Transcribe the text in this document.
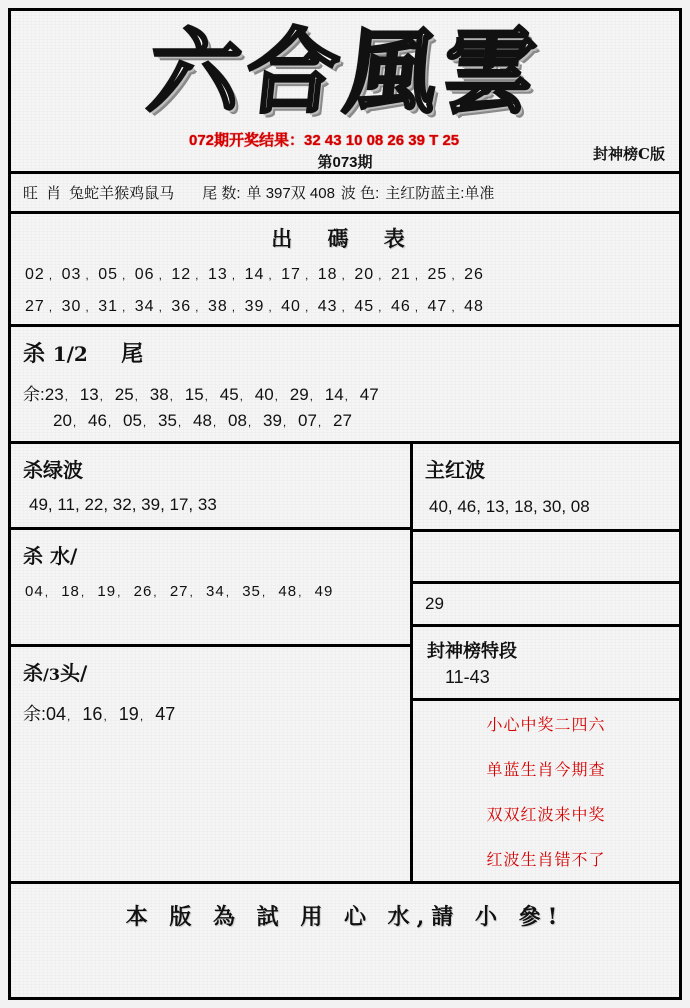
六合風雲
072期开奖结果：32 43 10 08 26 39 T 25
第073期	封神榜C版
旺 肖 兔蛇羊猴鸡鼠马 尾 数: 单 397双 408 波 色: 主红防蓝主:单准
出 碼 表
02 , 03 , 05 , 06 , 12 , 13 , 14 , 17 , 18 , 20 , 21 , 25 , 26
27 , 30 , 31 , 34 , 36 , 38 , 39 , 40 , 43 , 45 , 46 , 47 , 48
杀 1/2 尾
余:23, 13, 25, 38, 15, 45, 40, 29, 14, 47
20, 46, 05, 35, 48, 08, 39, 07, 27
杀绿波
49, 11, 22, 32, 39, 17, 33
杀 水/
04, 18, 19, 26, 27, 34, 35, 48, 49
杀/3头/
余:04, 16, 19, 47
主红波
40, 46, 13, 18, 30, 08
29
封神榜特段
11-43
小心中奖二四六
单蓝生肖今期查
双双红波来中奖
红波生肖错不了
本 版 為 試 用 心 水,請 小 參!
